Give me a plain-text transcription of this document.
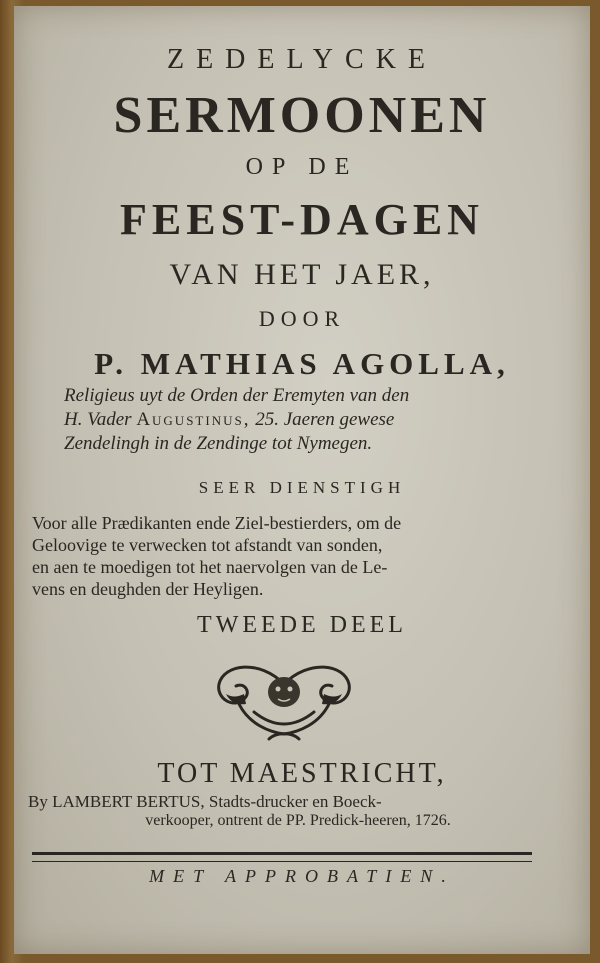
ZEDELYCKE
SERMOONEN
OP DE
FEEST-DAGEN
VAN HET JAER,
DOOR
P. MATHIAS AGOLLA,
Religieus uyt de Orden der Eremyten van den
H. Vader Augustinus, 25. Jaeren gewese
Zendelingh in de Zendinge tot Nymegen.
SEER DIENSTIGH
Voor alle Prædikanten ende Ziel-bestierders, om de
Geloovige te verwecken tot afstandt van sonden,
en aen te moedigen tot het naervolgen van de Le-
vens en deughden der Heyligen.
TWEEDE DEEL
TOT MAESTRICHT,
By LAMBERT BERTUS, Stadts-drucker en Boeck-
verkooper, ontrent de PP. Predick-heeren, 1726.
MET APPROBATIEN.
